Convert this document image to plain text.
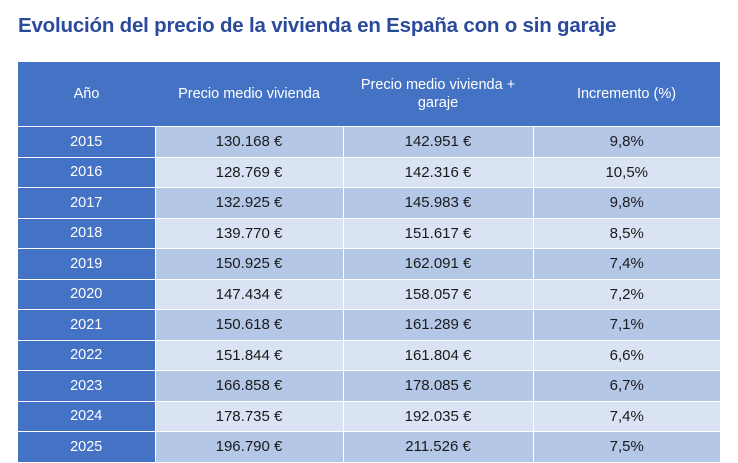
Evolución del precio de la vivienda en España con o sin garaje
Año	Precio medio vivienda	Precio medio vivienda + garaje	Incremento (%)
2015	130.168 €	142.951 €	9,8%
2016	128.769 €	142.316 €	10,5%
2017	132.925 €	145.983 €	9,8%
2018	139.770 €	151.617 €	8,5%
2019	150.925 €	162.091 €	7,4%
2020	147.434 €	158.057 €	7,2%
2021	150.618 €	161.289 €	7,1%
2022	151.844 €	161.804 €	6,6%
2023	166.858 €	178.085 €	6,7%
2024	178.735 €	192.035 €	7,4%
2025	196.790 €	211.526 €	7,5%
